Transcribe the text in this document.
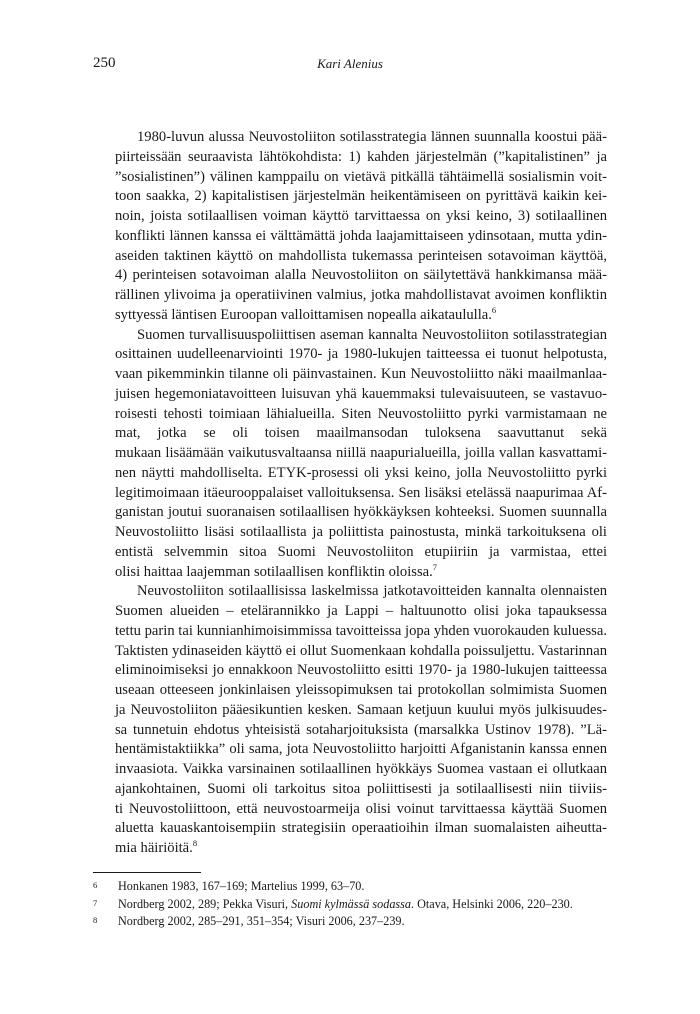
250	Kari Alenius

1980-luvun alussa Neuvostoliiton sotilasstrategia lännen suunnalla koostui pää-
piirteissään seuraavista lähtökohdista: 1) kahden järjestelmän (”kapitalistinen” ja
”sosialistinen”) välinen kamppailu on vietävä pitkällä tähtäimellä sosialismin voit-
toon saakka, 2) kapitalistisen järjestelmän heikentämiseen on pyrittävä kaikin kei-
noin, joista sotilaallisen voiman käyttö tarvittaessa on yksi keino, 3) sotilaallinen
konflikti lännen kanssa ei välttämättä johda laajamittaiseen ydinsotaan, mutta ydin-
aseiden taktinen käyttö on mahdollista tukemassa perinteisen sotavoiman käyttöä,
4) perinteisen sotavoiman alalla Neuvostoliiton on säilytettävä hankkimansa mää-
rällinen ylivoima ja operatiivinen valmius, jotka mahdollistavat avoimen konfliktin
syttyessä läntisen Euroopan valloittamisen nopealla aikataululla.$^6$

Suomen turvallisuuspoliittisen aseman kannalta Neuvostoliiton sotilasstrategian
osittainen uudelleenarviointi 1970- ja 1980-lukujen taitteessa ei tuonut helpotusta,
vaan pikemminkin tilanne oli päinvastainen. Kun Neuvostoliitto näki maailmanlaa-
juisen hegemoniatavoitteen luisuvan yhä kauemmaksi tulevaisuuteen, se vastavuo-
roisesti tehosti toimiaan lähialueilla. Siten Neuvostoliitto pyrki varmistamaan ne
mat, jotka se oli toisen maailmansodan tuloksena saavuttanut sekä
mukaan lisäämään vaikutusvaltaansa niillä naapurialueilla, joilla vallan kasvattami-
nen näytti mahdolliselta. ETYK-prosessi oli yksi keino, jolla Neuvostoliitto pyrki
legitimoimaan itäeurooppalaiset valloituksensa. Sen lisäksi etelässä naapurimaa Af-
ganistan joutui suoranaisen sotilaallisen hyökkäyksen kohteeksi. Suomen suunnalla
Neuvostoliitto lisäsi sotilaallista ja poliittista painostusta, minkä tarkoituksena oli
entistä selvemmin sitoa Suomi Neuvostoliiton etupiiriin ja varmistaa, ettei
olisi haittaa laajemman sotilaallisen konfliktin oloissa.$^7$

Neuvostoliiton sotilaallisissa laskelmissa jatkotavoitteiden kannalta olennaisten
Suomen alueiden – etelärannikko ja Lappi – haltuunotto olisi joka tapauksessa
tettu parin tai kunnianhimoisimmissa tavoitteissa jopa yhden vuorokauden kuluessa.
Taktisten ydinaseiden käyttö ei ollut Suomenkaan kohdalla poissuljettu. Vastarinnan
eliminoimiseksi jo ennakkoon Neuvostoliitto esitti 1970- ja 1980-lukujen taitteessa
useaan otteeseen jonkinlaisen yleissopimuksen tai protokollan solmimista Suomen
ja Neuvostoliiton pääesikuntien kesken. Samaan ketjuun kuului myös julkisuudes-
sa tunnetuin ehdotus yhteisistä sotaharjoituksista (marsalkka Ustinov 1978). ”Lä-
hentämistaktiikka” oli sama, jota Neuvostoliitto harjoitti Afganistanin kanssa ennen
invaasiota. Vaikka varsinainen sotilaallinen hyökkäys Suomea vastaan ei ollutkaan
ajankohtainen, Suomi oli tarkoitus sitoa poliittisesti ja sotilaallisesti niin tiiviis-
ti Neuvostoliittoon, että neuvostoarmeija olisi voinut tarvittaessa käyttää Suomen
aluetta kauaskantoisempiin strategisiin operaatioihin ilman suomalaisten aiheutta-
mia häiriöitä.$^8$

6 Honkanen 1983, 167–169; Martelius 1999, 63–70.
7 Nordberg 2002, 289; Pekka Visuri, Suomi kylmässä sodassa. Otava, Helsinki 2006, 220–230.
8 Nordberg 2002, 285–291, 351–354; Visuri 2006, 237–239.
